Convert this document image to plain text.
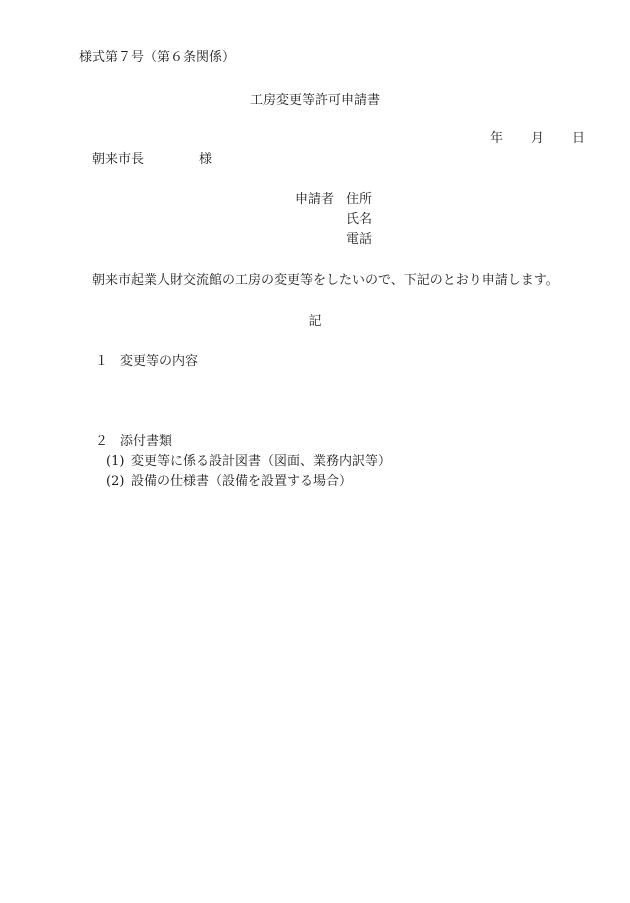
様式第７号（第６条関係）
工房変更等許可申請書
年 月 日
朝来市長	様
申請者 住所
氏名
電話
朝来市起業人財交流館の工房の変更等をしたいので、下記のとおり申請します。
記
１ 変更等の内容
２ 添付書類
(1) 変更等に係る設計図書（図面、業務内訳等）
(2) 設備の仕様書（設備を設置する場合）
